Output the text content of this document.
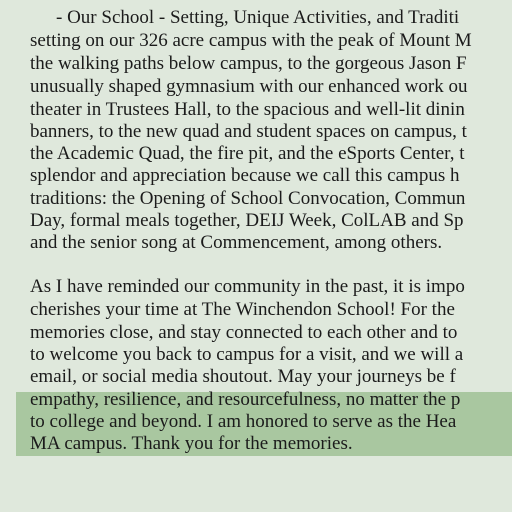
- Our School - Setting, Unique Activities, and Traditi
setting on our 326 acre campus with the peak of Mount M
the walking paths below campus, to the gorgeous Jason F
unusually shaped gymnasium with our enhanced work ou
theater in Trustees Hall, to the spacious and well-lit dinin
banners, to the new quad and student spaces on campus, t
the Academic Quad, the fire pit, and the eSports Center, t
splendor and appreciation because we call this campus h
traditions: the Opening of School Convocation, Commun
Day, formal meals together, DEIJ Week, ColLAB and Sp
and the senior song at Commencement, among others.
As I have reminded our community in the past, it is impo
cherishes your time at The Winchendon School! For the
memories close, and stay connected to each other and to
to welcome you back to campus for a visit, and we will a
email, or social media shoutout. May your journeys be f
empathy, resilience, and resourcefulness, no matter the p
to college and beyond. I am honored to serve as the Hea
MA campus. Thank you for the memories.
